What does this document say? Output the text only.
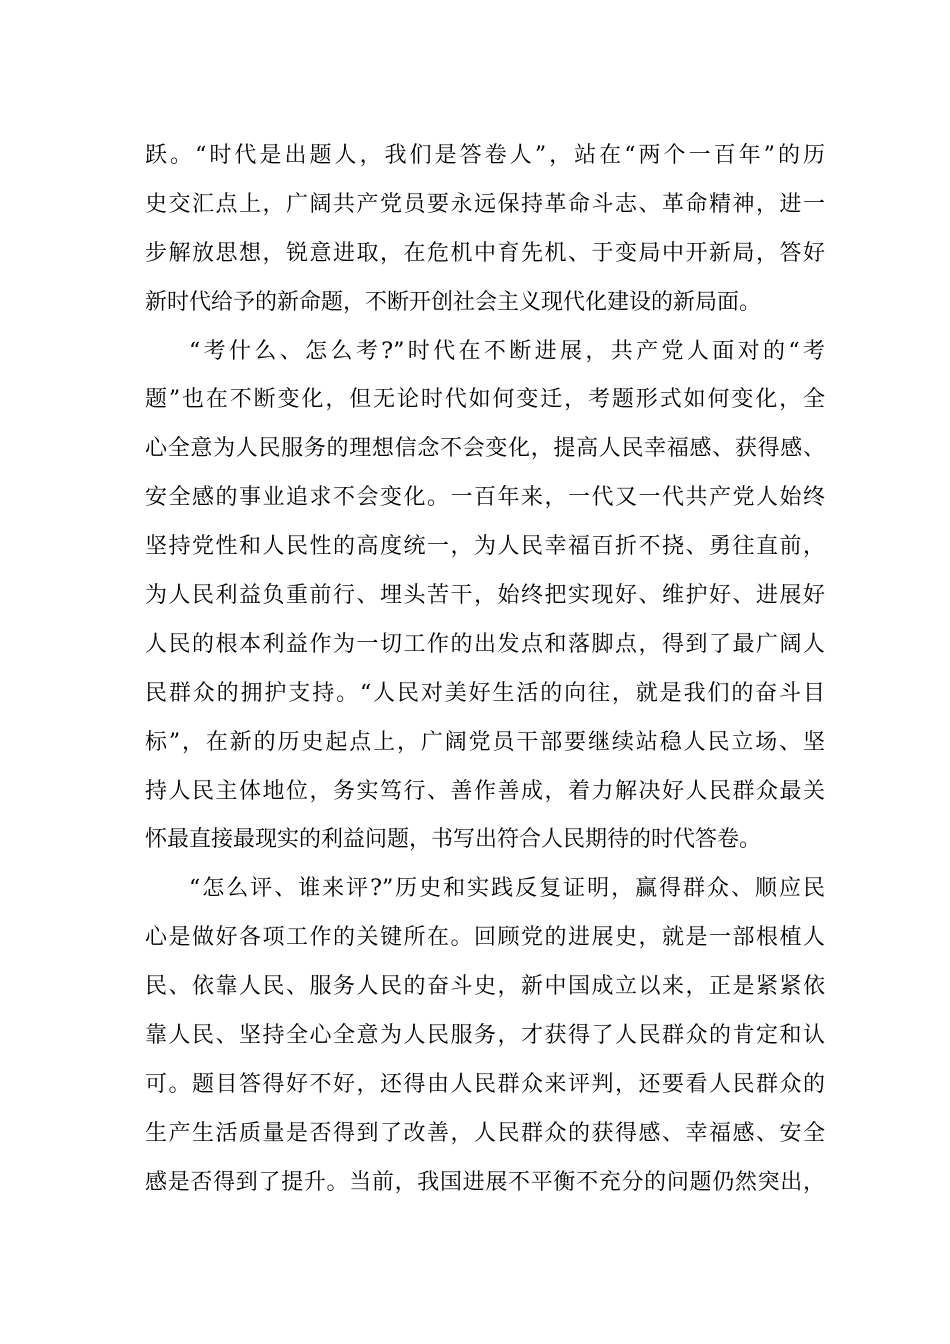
跃。“时代是出题人，我们是答卷人”，站在“两个一百年”的历
史交汇点上，广阔共产党员要永远保持革命斗志、革命精神，进一
步解放思想，锐意进取，在危机中育先机、于变局中开新局，答好
新时代给予的新命题，不断开创社会主义现代化建设的新局面。
“考什么、怎么考?”时代在不断进展，共产党人面对的“考
题”也在不断变化，但无论时代如何变迁，考题形式如何变化，全
心全意为人民服务的理想信念不会变化，提高人民幸福感、获得感、
安全感的事业追求不会变化。一百年来，一代又一代共产党人始终
坚持党性和人民性的高度统一，为人民幸福百折不挠、勇往直前，
为人民利益负重前行、埋头苦干，始终把实现好、维护好、进展好
人民的根本利益作为一切工作的出发点和落脚点，得到了最广阔人
民群众的拥护支持。“人民对美好生活的向往，就是我们的奋斗目
标”，在新的历史起点上，广阔党员干部要继续站稳人民立场、坚
持人民主体地位，务实笃行、善作善成，着力解决好人民群众最关
怀最直接最现实的利益问题，书写出符合人民期待的时代答卷。
“怎么评、谁来评?”历史和实践反复证明，赢得群众、顺应民
心是做好各项工作的关键所在。回顾党的进展史，就是一部根植人
民、依靠人民、服务人民的奋斗史，新中国成立以来，正是紧紧依
靠人民、坚持全心全意为人民服务，才获得了人民群众的肯定和认
可。题目答得好不好，还得由人民群众来评判，还要看人民群众的
生产生活质量是否得到了改善，人民群众的获得感、幸福感、安全
感是否得到了提升。当前，我国进展不平衡不充分的问题仍然突出，
